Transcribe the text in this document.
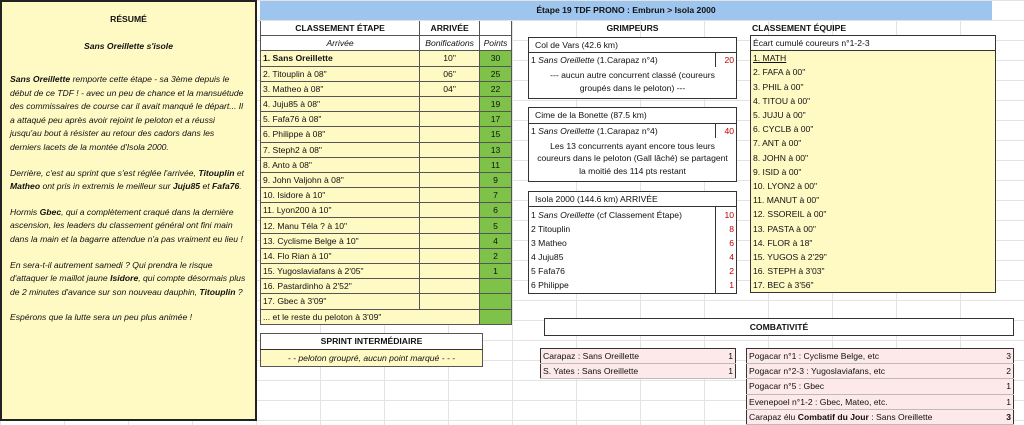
RÉSUMÉ
Sans Oreillette s'isole

Sans Oreillette remporte cette étape - sa 3ème depuis le début de ce TDF ! - avec un peu de chance et la mansuétude des commissaires de course car il avait manqué le départ... Il a attaqué peu après avoir rejoint le peloton et a réussi jusqu'au bout à résister au retour des cadors dans les derniers lacets de la montée d'Isola 2000.

Derrière, c'est au sprint que s'est réglée l'arrivée, Titouplin et Matheo ont pris in extremis le meilleur sur Juju85 et Fafa76.

Hormis Gbec, qui a complètement craqué dans la dernière ascension, les leaders du classement général ont fini main dans la main et la bagarre attendue n'a pas vraiment eu lieu !

En sera-t-il autrement samedi ? Qui prendra le risque d'attaquer le maillot jaune Isidore, qui compte désormais plus de 2 minutes d'avance sur son nouveau dauphin, Titouplin ?

Espérons que la lutte sera un peu plus animée !

Étape 19 TDF PRONO : Embrun > Isola 2000
CLASSEMENT ÉTAPE	ARRIVÉE	
Arrivée	Bonifications	Points
1. Sans Oreillette	10"	30
2. Titouplin à 08"	06"	25
3. Matheo à 08"	04"	22
4. Juju85 à 08"		19
5. Fafa76 à 08"		17
6. Philippe à 08"		15
7. Steph2 à 08"		13
8. Anto à 08"		11
9. John Valjohn à 08"		9
10. Isidore à 10"		7
11. Lyon200 à 10"		6
12. Manu Téla ? à 10"		5
13. Cyclisme Belge à 10"		4
14. Flo Rian à 10"		2
15. Yugoslaviafans à 2'05"		1
16. Pastardinho à 2'52"		
17. Gbec à 3'09"		
... et le reste du peloton à 3'09"		
SPRINT INTERMÉDIAIRE
- - peloton groupré, aucun point marqué - - -
GRIMPEURS
Col de Vars (42.6 km)
1 Sans Oreillette (1.Carapaz n°4)	20
--- aucun autre concurrent classé (coureurs groupés dans le peloton) ---
Cime de la Bonette (87.5 km)
1 Sans Oreillette (1.Carapaz n°4)	40
Les 13 concurrents ayant encore tous leurs coureurs dans le peloton (Gall lâché) se partagent la moitié des 114 pts restant
Isola 2000 (144.6 km) ARRIVÉE	
1 Sans Oreillette (cf Classement Étape)	10
2 Titouplin	8
3 Matheo	6
4 Juju85	4
5 Fafa76	2
6 Philippe	1
CLASSEMENT ÉQUIPE
Écart cumulé coureurs n°1-2-3
1. MATH
2. FAFA à 00"
3. PHIL à 00"
4. TITOU à 00"
5. JUJU à 00"
6. CYCLB à 00"
7. ANT à 00"
8. JOHN à 00"
9. ISID à 00"
10. LYON2 à 00"
11. MANUT à 00"
12. SSOREIL à 00"
13. PASTA à 00"
14. FLOR à 18"
15. YUGOS à 2'29"
16. STEPH à 3'03"
17. BEC à 3'56"
COMBATIVITÉ
Carapaz : Sans Oreillette	1
S. Yates : Sans Oreillette	1
Pogacar n°1 : Cyclisme Belge, etc	3
Pogacar n°2-3 : Yugoslaviafans, etc	2
Pogacar n°5 : Gbec	1
Evenepoel n°1-2 : Gbec, Mateo, etc.	1
Carapaz élu Combatif du Jour : Sans Oreillette	3
